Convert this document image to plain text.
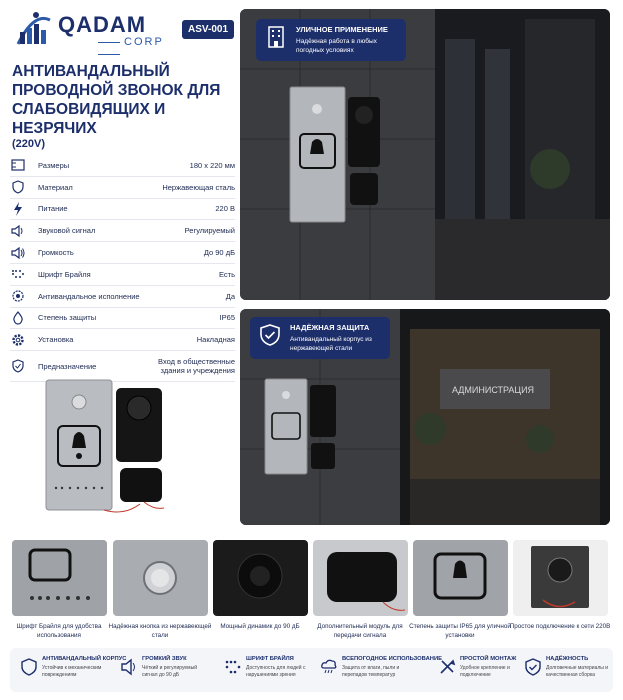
QADAM
CORP
ASV-001
АНТИВАНДАЛЬНЫЙ ПРОВОДНОЙ ЗВОНОК ДЛЯ СЛАБОВИДЯЩИХ И НЕЗРЯЧИХ
(220V)
Размеры	180 х 220 мм
Материал	Нержавеющая сталь
Питание	220 В
Звуковой сигнал	Регулируемый
Громкость	До 90 дБ
Шрифт Брайля	Есть
Антивандальное исполнение	Да
Степень защиты	IP65
Установка	Накладная
Предназначение	Вход в общественные здания и учреждения
УЛИЧНОЕ ПРИМЕНЕНИЕ
Надёжная работа в любых погодных условиях
АДМИНИСТРАЦИЯ
НАДЁЖНАЯ ЗАЩИТА
Антивандальный корпус из нержавеющей стали
Шрифт Брайля для удобства использования
Надёжная кнопка из нержавеющей стали
Мощный динамик до 90 дБ	Дополнительный модуль для передачи сигнала
Степень защиты IP65 для уличной установки
Простое подключение к сети 220В
АНТИВАНДАЛЬНЫЙ КОРПУС
Устойчив к механическим повреждениям
ГРОМКИЙ ЗВУК
Чёткий и регулируемый сигнал до 90 дБ
ШРИФТ БРАЙЛЯ
Доступность для людей с нарушениями зрения
ВСЕПОГОДНОЕ ИСПОЛЬЗОВАНИЕ
Защита от влаги, пыли и перепадов температур
ПРОСТОЙ МОНТАЖ
Удобное крепление и подключение
НАДЁЖНОСТЬ
Долговечные материалы и качественная сборка
